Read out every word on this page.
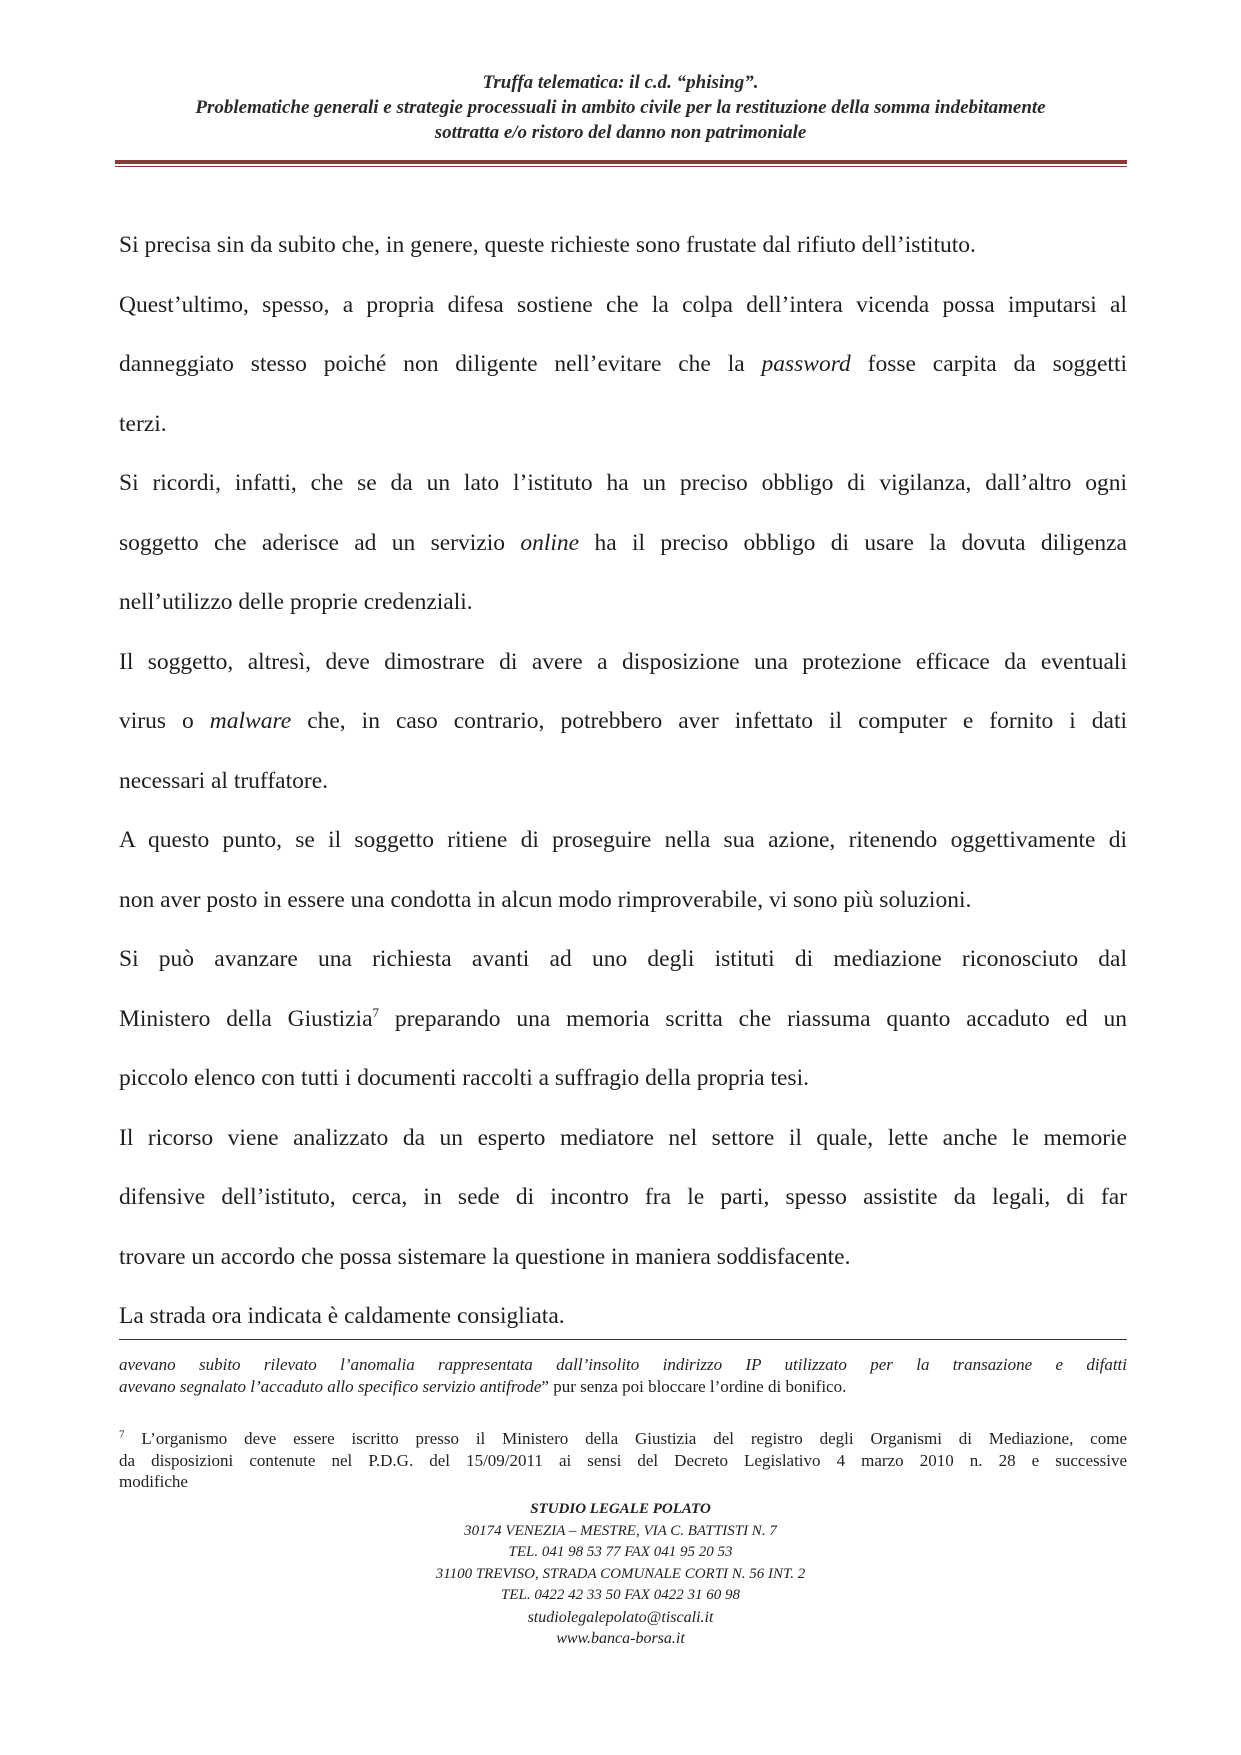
Truffa telematica: il c.d. “phising”.
Problematiche generali e strategie processuali in ambito civile per la restituzione della somma indebitamente
sottratta e/o ristoro del danno non patrimoniale
Si precisa sin da subito che, in genere, queste richieste sono frustate dal rifiuto dell’istituto.
Quest’ultimo, spesso, a propria difesa sostiene che la colpa dell’intera vicenda possa imputarsi al
danneggiato stesso poiché non diligente nell’evitare che la password fosse carpita da soggetti
terzi.
Si ricordi, infatti, che se da un lato l’istituto ha un preciso obbligo di vigilanza, dall’altro ogni
soggetto che aderisce ad un servizio online ha il preciso obbligo di usare la dovuta diligenza
nell’utilizzo delle proprie credenziali.
Il soggetto, altresì, deve dimostrare di avere a disposizione una protezione efficace da eventuali
virus o malware che, in caso contrario, potrebbero aver infettato il computer e fornito i dati
necessari al truffatore.
A questo punto, se il soggetto ritiene di proseguire nella sua azione, ritenendo oggettivamente di
non aver posto in essere una condotta in alcun modo rimproverabile, vi sono più soluzioni.
Si può avanzare una richiesta avanti ad uno degli istituti di mediazione riconosciuto dal
Ministero della Giustizia$^7$ preparando una memoria scritta che riassuma quanto accaduto ed un
piccolo elenco con tutti i documenti raccolti a suffragio della propria tesi.
Il ricorso viene analizzato da un esperto mediatore nel settore il quale, lette anche le memorie
difensive dell’istituto, cerca, in sede di incontro fra le parti, spesso assistite da legali, di far
trovare un accordo che possa sistemare la questione in maniera soddisfacente.
La strada ora indicata è caldamente consigliata.
avevano subito rilevato l’anomalia rappresentata dall’insolito indirizzo IP utilizzato per la transazione e difatti
avevano segnalato l’accaduto allo specifico servizio antifrode” pur senza poi bloccare l’ordine di bonifico.
$^7$ L’organismo deve essere iscritto presso il Ministero della Giustizia del registro degli Organismi di Mediazione, come
da disposizioni contenute nel P.D.G. del 15/09/2011 ai sensi del Decreto Legislativo 4 marzo 2010 n. 28 e successive
modifiche
STUDIO LEGALE POLATO
30174 VENEZIA – MESTRE, VIA C. BATTISTI N. 7
TEL. 041 98 53 77 FAX 041 95 20 53
31100 TREVISO, STRADA COMUNALE CORTI N. 56 INT. 2
TEL. 0422 42 33 50 FAX 0422 31 60 98
studiolegalepolato@tiscali.it
www.banca-borsa.it
